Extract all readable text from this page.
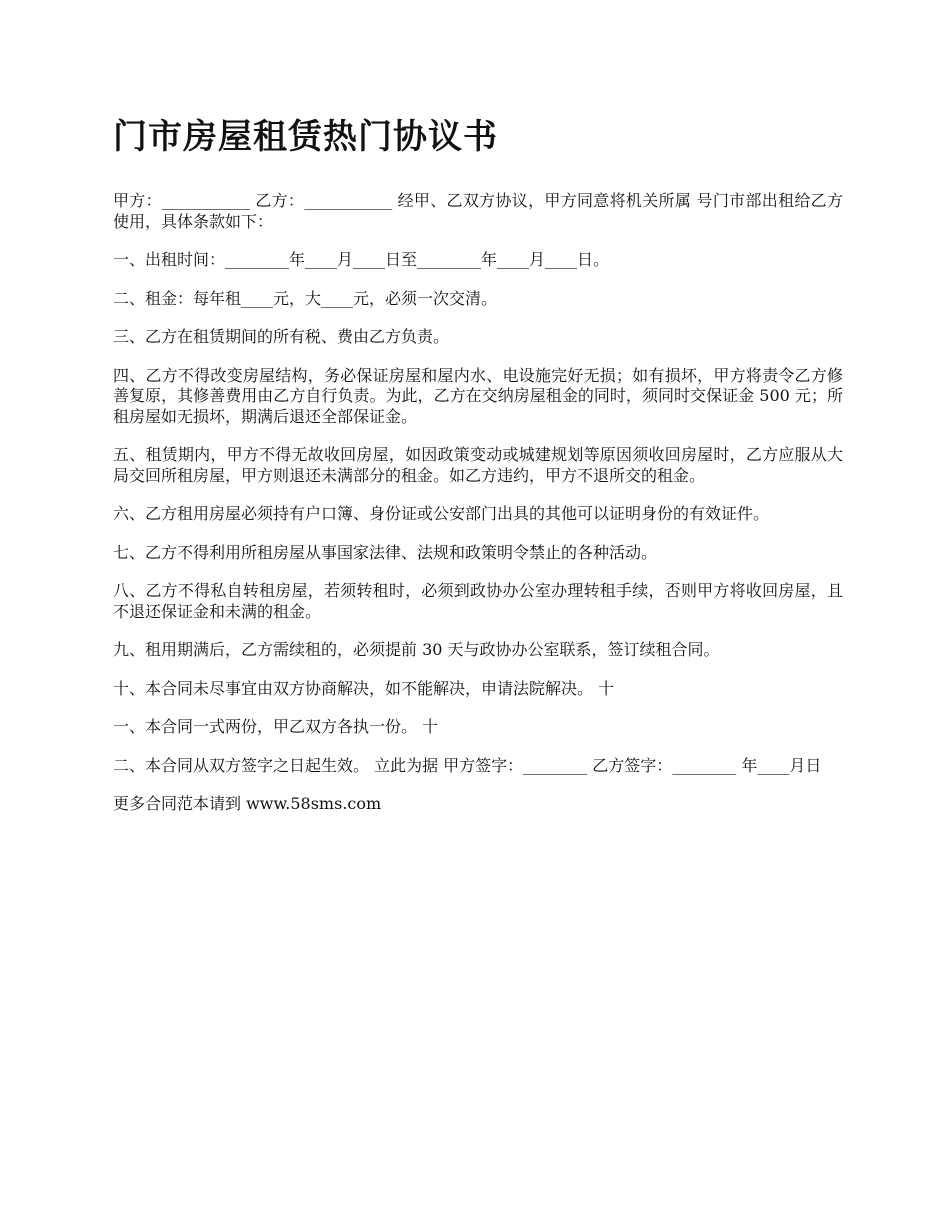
门市房屋租赁热门协议书

甲方：___________ 乙方：___________ 经甲、乙双方协议，甲方同意将机关所属 号门市部出租给乙方使用，具体条款如下：

一、出租时间：________年____月____日至________年____月____日。

二、租金：每年租____元，大____元，必须一次交清。

三、乙方在租赁期间的所有税、费由乙方负责。

四、乙方不得改变房屋结构，务必保证房屋和屋内水、电设施完好无损；如有损坏，甲方将责令乙方修善复原，其修善费用由乙方自行负责。为此，乙方在交纳房屋租金的同时，须同时交保证金 500 元；所租房屋如无损坏，期满后退还全部保证金。

五、租赁期内，甲方不得无故收回房屋，如因政策变动或城建规划等原因须收回房屋时，乙方应服从大局交回所租房屋，甲方则退还未满部分的租金。如乙方违约，甲方不退所交的租金。

六、乙方租用房屋必须持有户口簿、身份证或公安部门出具的其他可以证明身份的有效证件。

七、乙方不得利用所租房屋从事国家法律、法规和政策明令禁止的各种活动。

八、乙方不得私自转租房屋，若须转租时，必须到政协办公室办理转租手续，否则甲方将收回房屋，且不退还保证金和未满的租金。

九、租用期满后，乙方需续租的，必须提前 30 天与政协办公室联系，签订续租合同。

十、本合同未尽事宜由双方协商解决，如不能解决，申请法院解决。 十

一、本合同一式两份，甲乙双方各执一份。 十

二、本合同从双方签字之日起生效。 立此为据 甲方签字：________ 乙方签字：________ 年____月日

更多合同范本请到 www.58sms.com
